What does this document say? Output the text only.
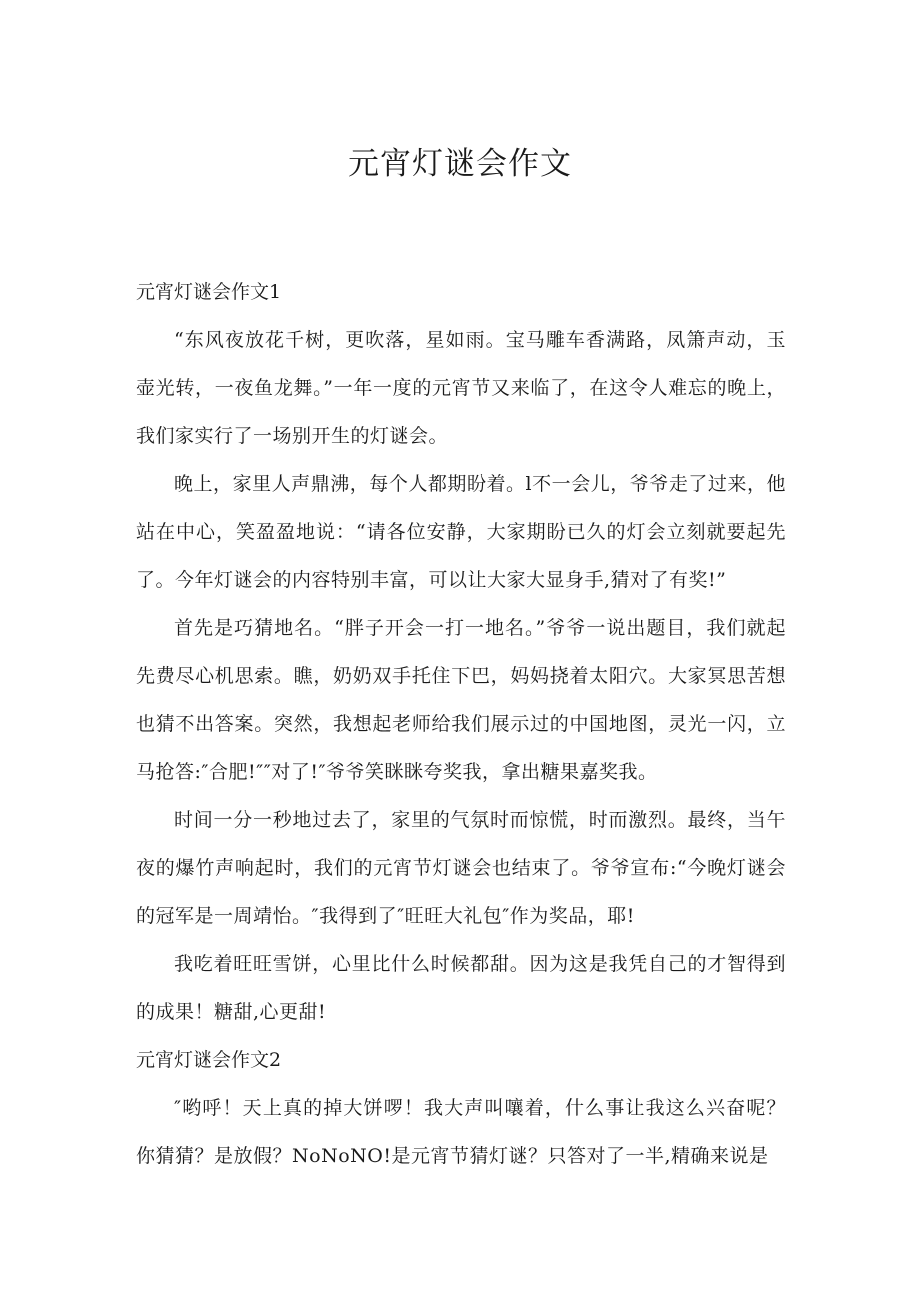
元宵灯谜会作文

元宵灯谜会作文1

“东风夜放花千树，更吹落，星如雨。宝马雕车香满路，凤箫声动，玉壶光转，一夜鱼龙舞。”一年一度的元宵节又来临了，在这令人难忘的晚上，我们家实行了一场别开生的灯谜会。

晚上，家里人声鼎沸，每个人都期盼着。l不一会儿，爷爷走了过来，他站在中心，笑盈盈地说：“请各位安静，大家期盼已久的灯会立刻就要起先了。今年灯谜会的内容特别丰富，可以让大家大显身手,猜对了有奖!”

首先是巧猜地名。“胖子开会一打一地名。”爷爷一说出题目，我们就起先费尽心机思索。瞧，奶奶双手托住下巴，妈妈挠着太阳穴。大家冥思苦想也猜不出答案。突然，我想起老师给我们展示过的中国地图，灵光一闪，立马抢答:″合肥!″″对了!″爷爷笑眯眯夸奖我，拿出糖果嘉奖我。

时间一分一秒地过去了，家里的气氛时而惊慌，时而激烈。最终，当午夜的爆竹声响起时，我们的元宵节灯谜会也结束了。爷爷宣布:“今晚灯谜会的冠军是一周靖怡。″我得到了″旺旺大礼包″作为奖品，耶!

我吃着旺旺雪饼，心里比什么时候都甜。因为这是我凭自己的才智得到的成果！糖甜,心更甜!

元宵灯谜会作文2

″哟呼！天上真的掉大饼啰！我大声叫嚷着，什么事让我这么兴奋呢？你猜猜？是放假？NoNoNO!是元宵节猜灯谜？只答对了一半,精确来说是
